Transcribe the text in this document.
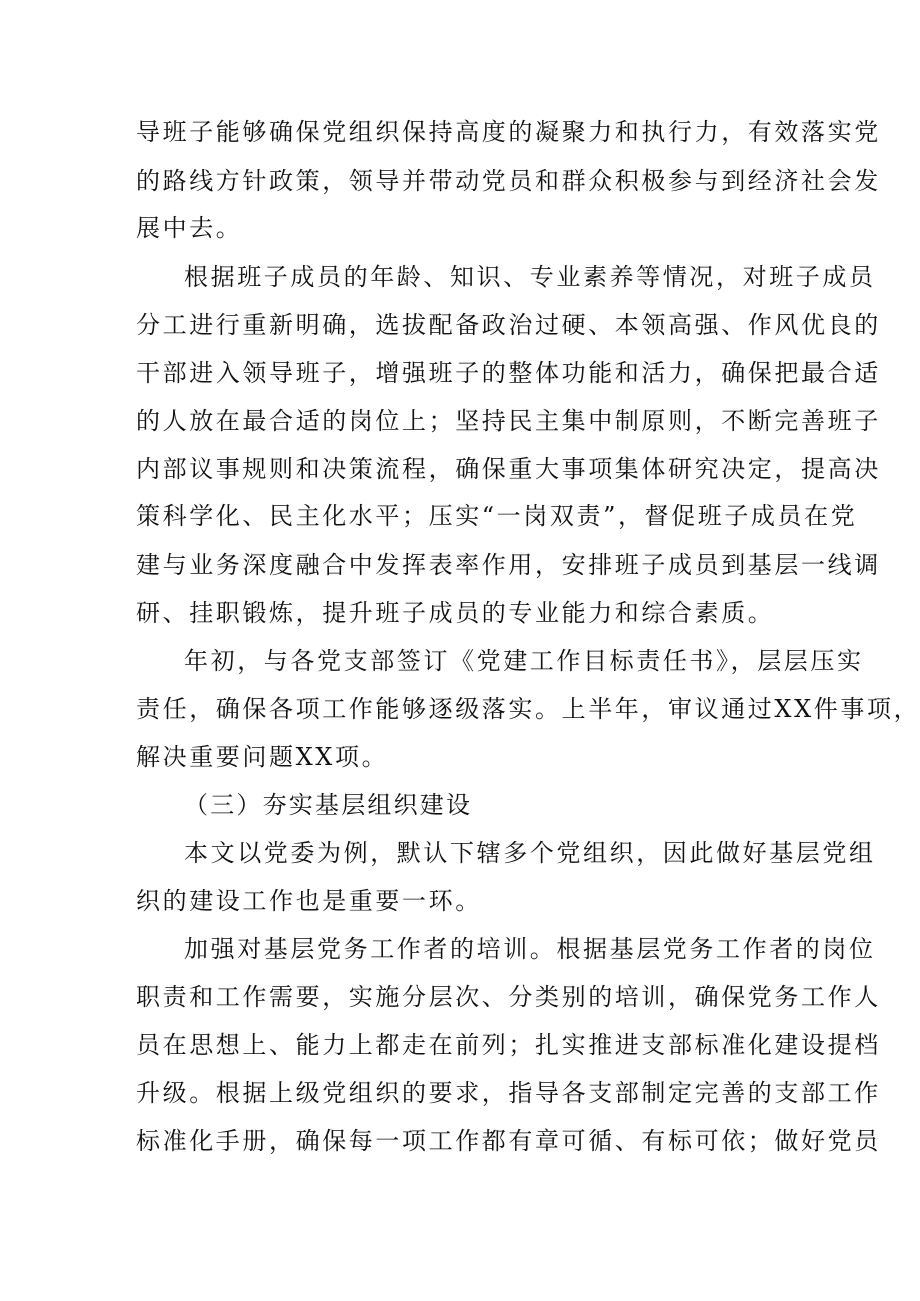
导班子能够确保党组织保持高度的凝聚力和执行力，有效落实党
的路线方针政策，领导并带动党员和群众积极参与到经济社会发
展中去。
根据班子成员的年龄、知识、专业素养等情况，对班子成员
分工进行重新明确，选拔配备政治过硬、本领高强、作风优良的
干部进入领导班子，增强班子的整体功能和活力，确保把最合适
的人放在最合适的岗位上；坚持民主集中制原则，不断完善班子
内部议事规则和决策流程，确保重大事项集体研究决定，提高决
策科学化、民主化水平；压实“一岗双责”，督促班子成员在党
建与业务深度融合中发挥表率作用，安排班子成员到基层一线调
研、挂职锻炼，提升班子成员的专业能力和综合素质。
年初，与各党支部签订《党建工作目标责任书》，层层压实
责任，确保各项工作能够逐级落实。上半年，审议通过XX件事项，
解决重要问题XX项。
（三）夯实基层组织建设
本文以党委为例，默认下辖多个党组织，因此做好基层党组
织的建设工作也是重要一环。
加强对基层党务工作者的培训。根据基层党务工作者的岗位
职责和工作需要，实施分层次、分类别的培训，确保党务工作人
员在思想上、能力上都走在前列；扎实推进支部标准化建设提档
升级。根据上级党组织的要求，指导各支部制定完善的支部工作
标准化手册，确保每一项工作都有章可循、有标可依；做好党员
